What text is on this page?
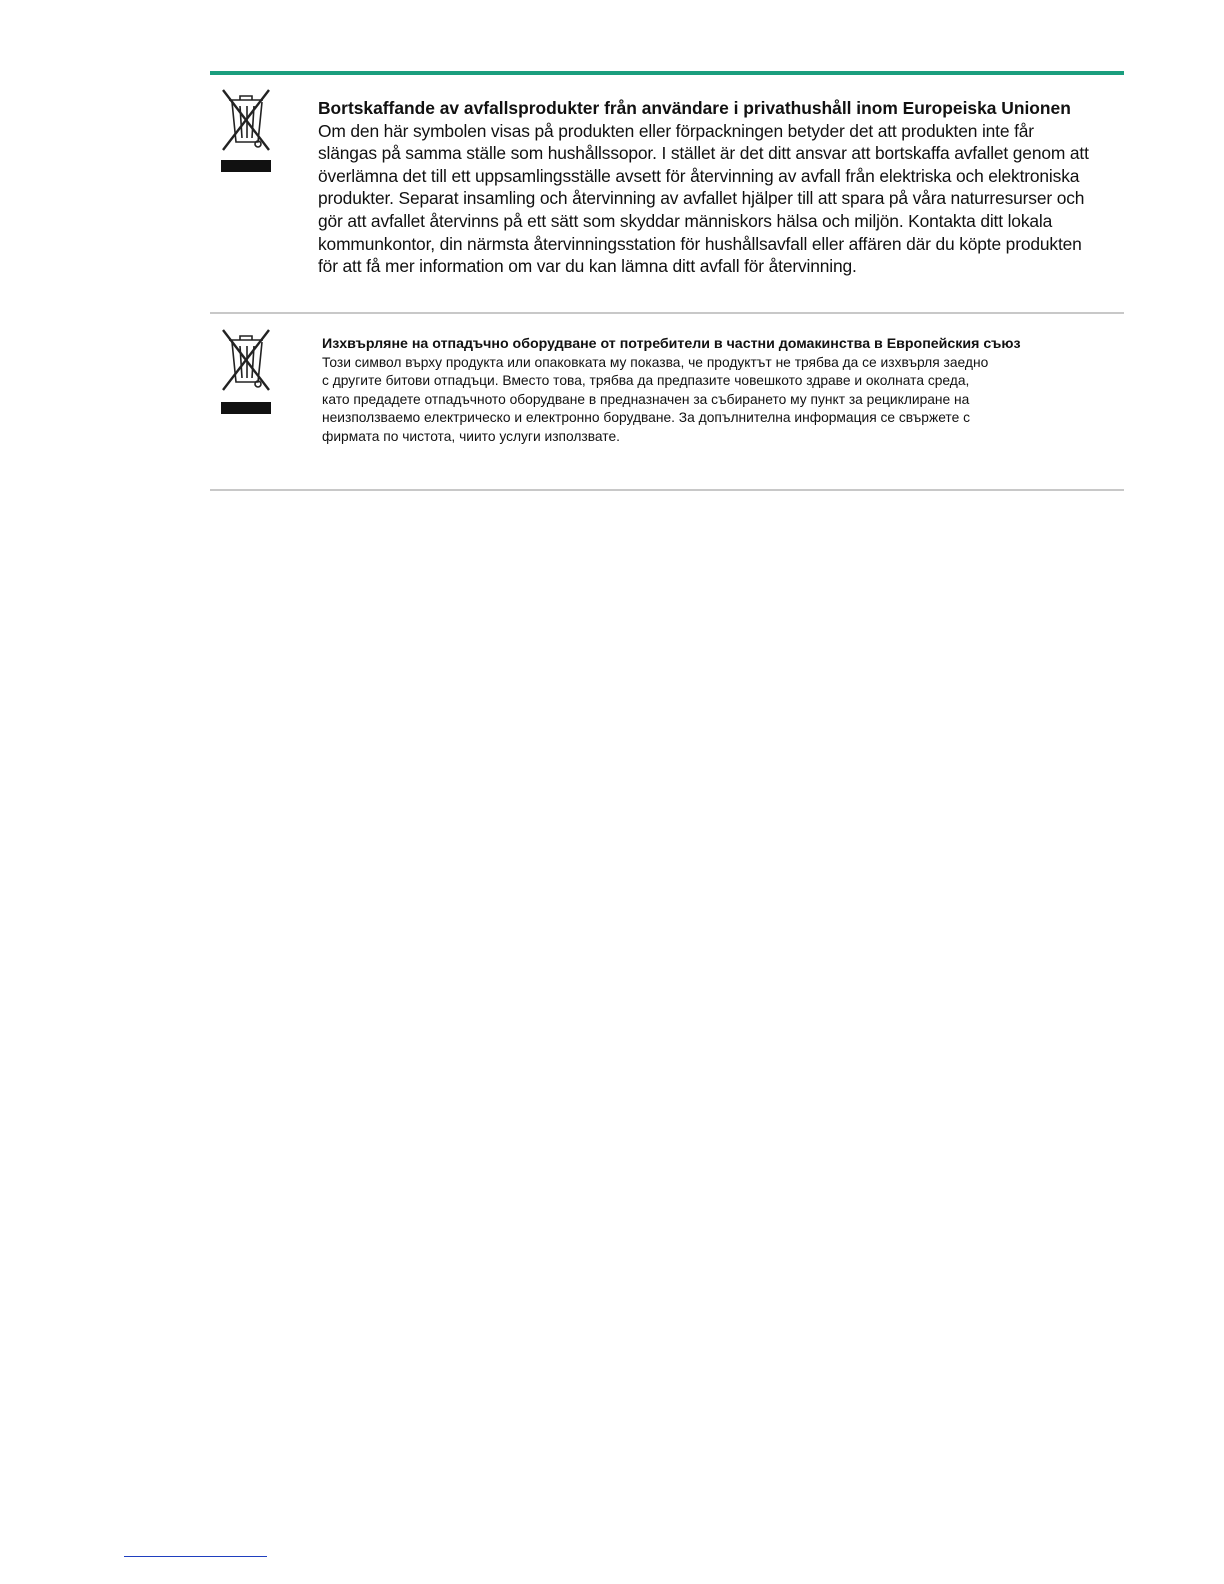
Bortskaffande av avfallsprodukter från användare i privathushåll inom Europeiska Unionen

Om den här symbolen visas på produkten eller förpackningen betyder det att produkten inte får

slängas på samma ställe som hushållssopor. I stället är det ditt ansvar att bortskaffa avfallet genom att

överlämna det till ett uppsamlingsställe avsett för återvinning av avfall från elektriska och elektroniska

produkter. Separat insamling och återvinning av avfallet hjälper till att spara på våra naturresurser och

gör att avfallet återvinns på ett sätt som skyddar människors hälsa och miljön. Kontakta ditt lokala

kommunkontor, din närmsta återvinningsstation för hushållsavfall eller affären där du köpte produkten

för att få mer information om var du kan lämna ditt avfall för återvinning.

Изхвърляне на отпадъчно оборудване от потребители в частни домакинства в Европейския съюз

Този символ върху продукта или опаковката му показва, че продуктът не трябва да се изхвърля заедно

с другите битови отпадъци. Вместо това, трябва да предпазите човешкото здраве и околната среда,

като предадете отпадъчното оборудване в предназначен за събирането му пункт за рециклиране на

неизползваемо електрическо и електронно борудване. За допълнителна информация се свържете с

фирмата по чистота, чиито услуги използвате.
